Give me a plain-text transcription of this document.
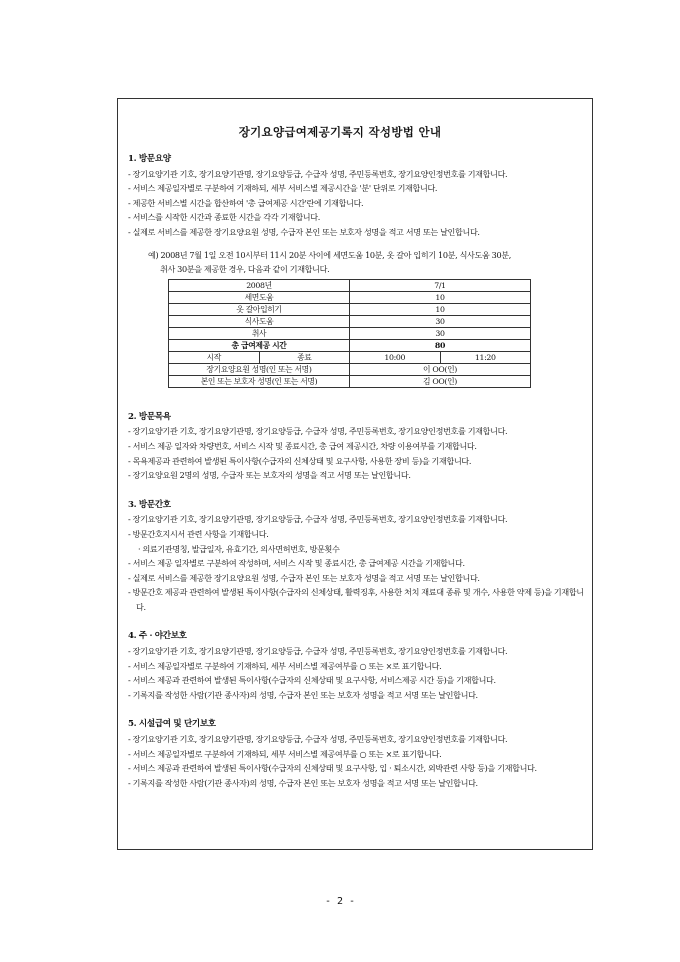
장기요양급여제공기록지 작성방법 안내
1. 방문요양
- 장기요양기관 기호, 장기요양기관명, 장기요양등급, 수급자 성명, 주민등록번호, 장기요양인정번호를 기재합니다.
- 서비스 제공일자별로 구분하여 기재하되, 세부 서비스별 제공시간을 '분' 단위로 기재합니다.
- 제공한 서비스별 시간을 합산하여 '총 급여제공 시간'란에 기재합니다.
- 서비스를 시작한 시간과 종료한 시간을 각각 기재합니다.
- 실제로 서비스를 제공한 장기요양요원 성명, 수급자 본인 또는 보호자 성명을 적고 서명 또는 날인합니다.
예) 2008년 7월 1일 오전 10시부터 11시 20분 사이에 세면도움 10분, 옷 갈아 입히기 10분, 식사도움 30분,
취사 30분을 제공한 경우, 다음과 같이 기재합니다.
2008년		7/1	
세면도움		10	
옷 갈아입히기		10	
식사도움		30	
취사		30	
총 급여제공 시간		80	
시작	종료	10:00	11:20
장기요양요원 성명(인 또는 서명)		이 OO(인)	
본인 또는 보호자 성명(인 또는 서명)		김 OO(인)	
2. 방문목욕
- 장기요양기관 기호, 장기요양기관명, 장기요양등급, 수급자 성명, 주민등록번호, 장기요양인정번호를 기재합니다.
- 서비스 제공 일자와 차량번호, 서비스 시작 및 종료시간, 총 급여 제공시간, 차량 이용여부를 기재합니다.
- 목욕제공과 관련하여 발생된 특이사항(수급자의 신체상태 및 요구사항, 사용한 장비 등)을 기재합니다.
- 장기요양요원 2명의 성명, 수급자 또는 보호자의 성명을 적고 서명 또는 날인합니다.
3. 방문간호
- 장기요양기관 기호, 장기요양기관명, 장기요양등급, 수급자 성명, 주민등록번호, 장기요양인정번호를 기재합니다.
- 방문간호지시서 관련 사항을 기재합니다.
· 의료기관명칭, 발급일자, 유효기간, 의사면허번호, 방문횟수
- 서비스 제공 일자별로 구분하여 작성하며, 서비스 시작 및 종료시간, 총 급여제공 시간을 기재합니다.
- 실제로 서비스를 제공한 장기요양요원 성명, 수급자 본인 또는 보호자 성명을 적고 서명 또는 날인합니다.
- 방문간호 제공과 관련하여 발생된 특이사항(수급자의 신체상태, 활력징후, 사용한 처치 재료대 종류 및 개수, 사용한 약제 등)을 기재합니다.
4. 주 · 야간보호
- 장기요양기관 기호, 장기요양기관명, 장기요양등급, 수급자 성명, 주민등록번호, 장기요양인정번호를 기재합니다.
- 서비스 제공일자별로 구분하여 기재하되, 세부 서비스별 제공여부를 ○ 또는 ×로 표기합니다.
- 서비스 제공과 관련하여 발생된 특이사항(수급자의 신체상태 및 요구사항, 서비스제공 시간 등)을 기재합니다.
- 기록지를 작성한 사람(기관 종사자)의 성명, 수급자 본인 또는 보호자 성명을 적고 서명 또는 날인합니다.
5. 시설급여 및 단기보호
- 장기요양기관 기호, 장기요양기관명, 장기요양등급, 수급자 성명, 주민등록번호, 장기요양인정번호를 기재합니다.
- 서비스 제공일자별로 구분하여 기재하되, 세부 서비스별 제공여부를 ○ 또는 ×로 표기합니다.
- 서비스 제공과 관련하여 발생된 특이사항(수급자의 신체상태 및 요구사항, 입 · 퇴소시간, 외박관련 사항 등)을 기재합니다.
- 기록지를 작성한 사람(기관 종사자)의 성명, 수급자 본인 또는 보호자 성명을 적고 서명 또는 날인합니다.
- 2 -
